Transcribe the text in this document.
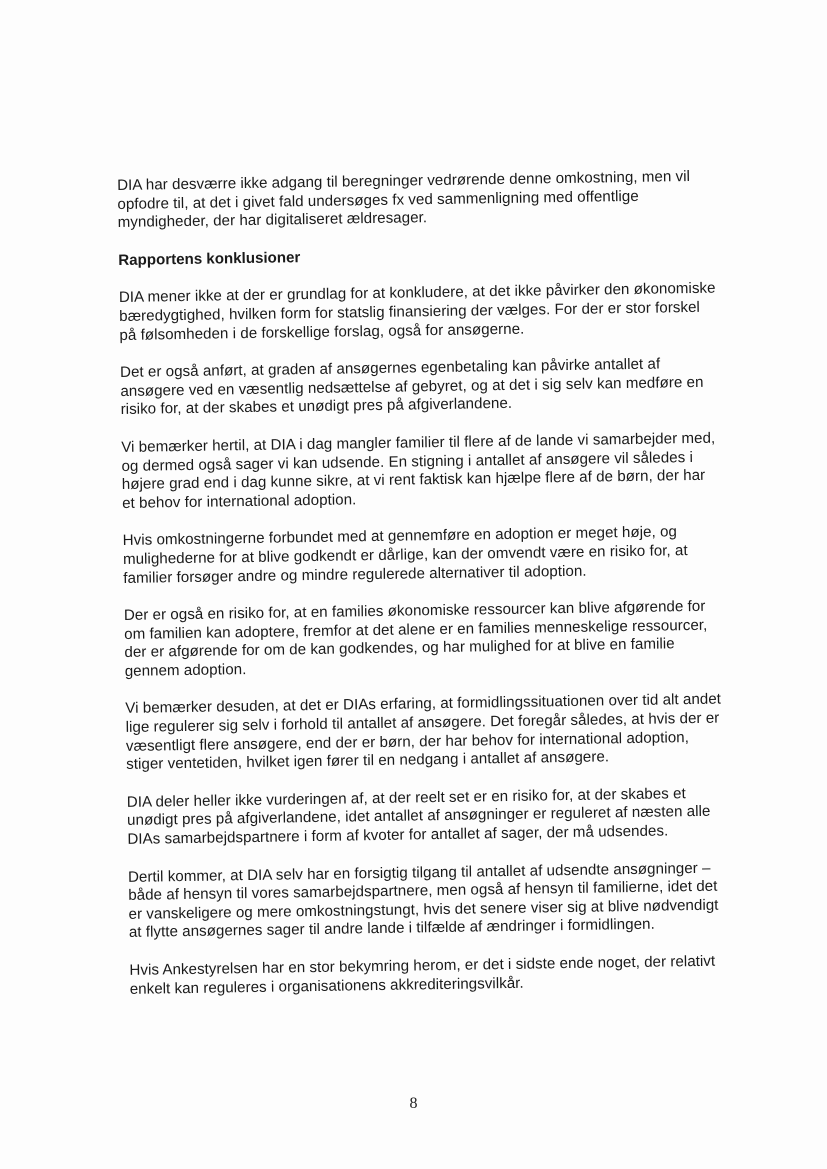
DIA har desværre ikke adgang til beregninger vedrørende denne omkostning, men vil opfodre til, at det i givet fald undersøges fx ved sammenligning med offentlige myndigheder, der har digitaliseret ældresager.

Rapportens konklusioner

DIA mener ikke at der er grundlag for at konkludere, at det ikke påvirker den økonomiske bæredygtighed, hvilken form for statslig finansiering der vælges. For der er stor forskel på følsomheden i de forskellige forslag, også for ansøgerne.

Det er også anført, at graden af ansøgernes egenbetaling kan påvirke antallet af ansøgere ved en væsentlig nedsættelse af gebyret, og at det i sig selv kan medføre en risiko for, at der skabes et unødigt pres på afgiverlandene.

Vi bemærker hertil, at DIA i dag mangler familier til flere af de lande vi samarbejder med, og dermed også sager vi kan udsende. En stigning i antallet af ansøgere vil således i højere grad end i dag kunne sikre, at vi rent faktisk kan hjælpe flere af de børn, der har et behov for international adoption.

Hvis omkostningerne forbundet med at gennemføre en adoption er meget høje, og mulighederne for at blive godkendt er dårlige, kan der omvendt være en risiko for, at familier forsøger andre og mindre regulerede alternativer til adoption.

Der er også en risiko for, at en families økonomiske ressourcer kan blive afgørende for om familien kan adoptere, fremfor at det alene er en families menneskelige ressourcer, der er afgørende for om de kan godkendes, og har mulighed for at blive en familie gennem adoption.

Vi bemærker desuden, at det er DIAs erfaring, at formidlingssituationen over tid alt andet lige regulerer sig selv i forhold til antallet af ansøgere. Det foregår således, at hvis der er væsentligt flere ansøgere, end der er børn, der har behov for international adoption, stiger ventetiden, hvilket igen fører til en nedgang i antallet af ansøgere.

DIA deler heller ikke vurderingen af, at der reelt set er en risiko for, at der skabes et unødigt pres på afgiverlandene, idet antallet af ansøgninger er reguleret af næsten alle DIAs samarbejdspartnere i form af kvoter for antallet af sager, der må udsendes.

Dertil kommer, at DIA selv har en forsigtig tilgang til antallet af udsendte ansøgninger – både af hensyn til vores samarbejdspartnere, men også af hensyn til familierne, idet det er vanskeligere og mere omkostningstungt, hvis det senere viser sig at blive nødvendigt at flytte ansøgernes sager til andre lande i tilfælde af ændringer i formidlingen.

Hvis Ankestyrelsen har en stor bekymring herom, er det i sidste ende noget, der relativt enkelt kan reguleres i organisationens akkrediteringsvilkår.

8
